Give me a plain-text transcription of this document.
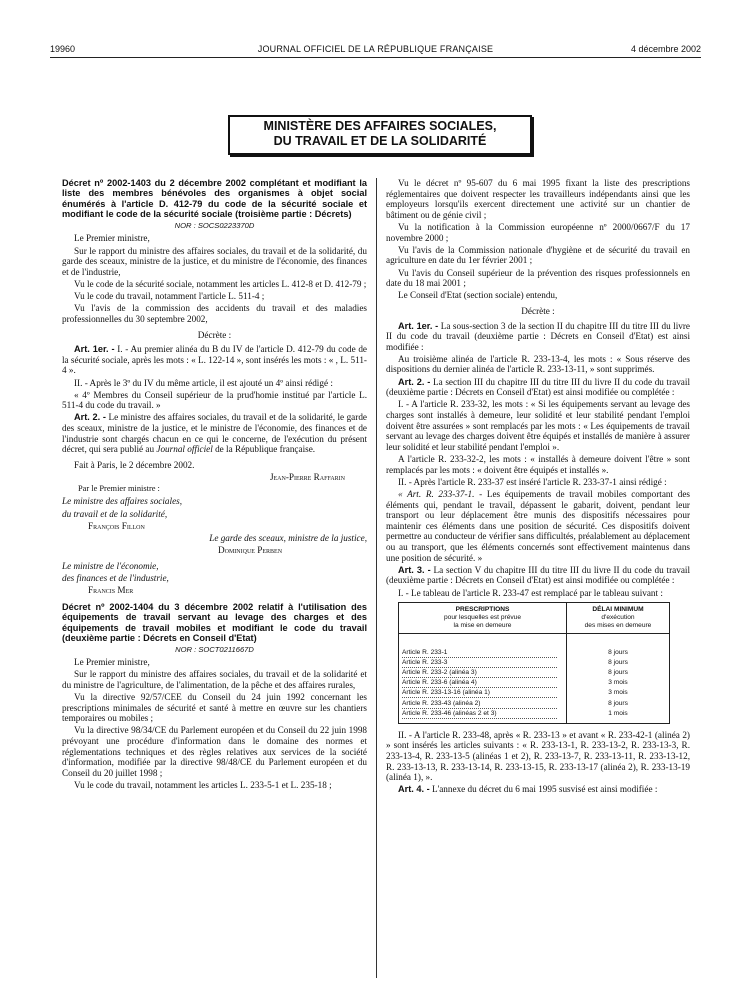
19960	JOURNAL OFFICIEL DE LA RÉPUBLIQUE FRANÇAISE	4 décembre 2002
MINISTÈRE DES AFFAIRES SOCIALES,
DU TRAVAIL ET DE LA SOLIDARITÉ

Décret nº 2002-1403 du 2 décembre 2002 complétant et modifiant la liste des membres bénévoles des organismes à objet social énumérés à l'article D. 412-79 du code de la sécurité sociale et modifiant le code de la sécurité sociale (troisième partie : Décrets)

NOR : SOCS0223370D

Le Premier ministre,

Sur le rapport du ministre des affaires sociales, du travail et de la solidarité, du garde des sceaux, ministre de la justice, et du ministre de l'économie, des finances et de l'industrie,

Vu le code de la sécurité sociale, notamment les articles L. 412-8 et D. 412-79 ;

Vu le code du travail, notamment l'article L. 511-4 ;

Vu l'avis de la commission des accidents du travail et des maladies professionnelles du 30 septembre 2002,

Décrète :

Art. 1er. - I. - Au premier alinéa du B du IV de l'article D. 412-79 du code de la sécurité sociale, après les mots : « L. 122-14 », sont insérés les mots : « , L. 511-4 ».

II. - Après le 3º du IV du même article, il est ajouté un 4º ainsi rédigé :

« 4º Membres du Conseil supérieur de la prud'homie institué par l'article L. 511-4 du code du travail. »

Art. 2. - Le ministre des affaires sociales, du travail et de la solidarité, le garde des sceaux, ministre de la justice, et le ministre de l'économie, des finances et de l'industrie sont chargés chacun en ce qui le concerne, de l'exécution du présent décret, qui sera publié au Journal officiel de la République française.

Fait à Paris, le 2 décembre 2002.

Jean-Pierre Raffarin

Par le Premier ministre :

Le ministre des affaires sociales,

du travail et de la solidarité,

François Fillon

Le garde des sceaux, ministre de la justice,

Dominique Perben

Le ministre de l'économie,

des finances et de l'industrie,

Francis Mer

Décret nº 2002-1404 du 3 décembre 2002 relatif à l'utilisation des équipements de travail servant au levage des charges et des équipements de travail mobiles et modifiant le code du travail (deuxième partie : Décrets en Conseil d'Etat)

NOR : SOCT0211667D

Le Premier ministre,

Sur le rapport du ministre des affaires sociales, du travail et de la solidarité et du ministre de l'agriculture, de l'alimentation, de la pêche et des affaires rurales,

Vu la directive 92/57/CEE du Conseil du 24 juin 1992 concernant les prescriptions minimales de sécurité et santé à mettre en œuvre sur les chantiers temporaires ou mobiles ;

Vu la directive 98/34/CE du Parlement européen et du Conseil du 22 juin 1998 prévoyant une procédure d'information dans le domaine des normes et réglementations techniques et des règles relatives aux services de la société d'information, modifiée par la directive 98/48/CE du Parlement européen et du Conseil du 20 juillet 1998 ;

Vu le code du travail, notamment les articles L. 233-5-1 et L. 235-18 ;

Vu le décret nº 95-607 du 6 mai 1995 fixant la liste des prescriptions réglementaires que doivent respecter les travailleurs indépendants ainsi que les employeurs lorsqu'ils exercent directement une activité sur un chantier de bâtiment ou de génie civil ;

Vu la notification à la Commission européenne nº 2000/0667/F du 17 novembre 2000 ;

Vu l'avis de la Commission nationale d'hygiène et de sécurité du travail en agriculture en date du 1er février 2001 ;

Vu l'avis du Conseil supérieur de la prévention des risques professionnels en date du 18 mai 2001 ;

Le Conseil d'Etat (section sociale) entendu,

Décrète :

Art. 1er. - La sous-section 3 de la section II du chapitre III du titre III du livre II du code du travail (deuxième partie : Décrets en Conseil d'Etat) est ainsi modifiée :

Au troisième alinéa de l'article R. 233-13-4, les mots : « Sous réserve des dispositions du dernier alinéa de l'article R. 233-13-11, » sont supprimés.

Art. 2. - La section III du chapitre III du titre III du livre II du code du travail (deuxième partie : Décrets en Conseil d'Etat) est ainsi modifiée ou complétée :

I. - A l'article R. 233-32, les mots : « Si les équipements servant au levage des charges sont installés à demeure, leur solidité et leur stabilité pendant l'emploi doivent être assurées » sont remplacés par les mots : « Les équipements de travail servant au levage des charges doivent être équipés et installés de manière à assurer leur solidité et leur stabilité pendant l'emploi ».

A l'article R. 233-32-2, les mots : « installés à demeure doivent l'être » sont remplacés par les mots : « doivent être équipés et installés ».

II. - Après l'article R. 233-37 est inséré l'article R. 233-37-1 ainsi rédigé :

« Art. R. 233-37-1. - Les équipements de travail mobiles comportant des éléments qui, pendant le travail, dépassent le gabarit, doivent, pendant leur transport ou leur déplacement être munis des dispositifs nécessaires pour maintenir ces éléments dans une position de sécurité. Ces dispositifs doivent permettre au conducteur de vérifier sans difficultés, préalablement au déplacement ou au transport, que les éléments concernés sont effectivement maintenus dans une position de sécurité. »

Art. 3. - La section V du chapitre III du titre III du livre II du code du travail (deuxième partie : Décrets en Conseil d'Etat) est ainsi modifiée ou complétée :

I. - Le tableau de l'article R. 233-47 est remplacé par le tableau suivant :

PRESCRIPTIONS
pour lesquelles est prévue
la mise en demeure	DÉLAI MINIMUM
d'exécution
des mises en demeure

Article R. 233-1	8 jours
Article R. 233-3	8 jours
Article R. 233-2 (alinéa 3)	8 jours
Article R. 233-6 (alinéa 4)	3 mois
Article R. 233-13-16 (alinéa 1)	3 mois
Article R. 233-43 (alinéa 2)	8 jours
Article R. 233-46 (alinéas 2 et 3)	1 mois

II. - A l'article R. 233-48, après « R. 233-13 » et avant « R. 233-42-1 (alinéa 2) » sont insérés les articles suivants : « R. 233-13-1, R. 233-13-2, R. 233-13-3, R. 233-13-4, R. 233-13-5 (alinéas 1 et 2), R. 233-13-7, R. 233-13-11, R. 233-13-12, R. 233-13-13, R. 233-13-14, R. 233-13-15, R. 233-13-17 (alinéa 2), R. 233-13-19 (alinéa 1), ».

Art. 4. - L'annexe du décret du 6 mai 1995 susvisé est ainsi modifiée :
